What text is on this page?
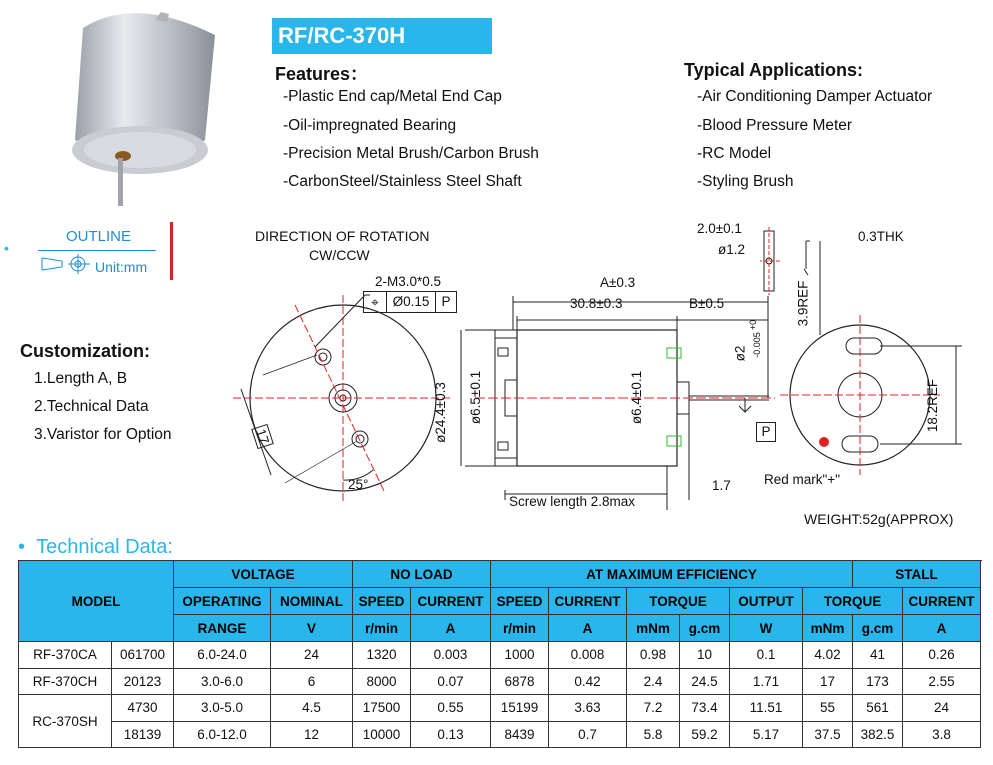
RF/RC-370H
Features：
-Plastic End cap/Metal End Cap
-Oil-impregnated Bearing
-Precision Metal Brush/Carbon Brush
-CarbonSteel/Stainless Steel Shaft
Typical Applications:
-Air Conditioning Damper Actuator
-Blood Pressure Meter
-RC Model
-Styling Brush
•
OUTLINE
Unit:mm
Customization:
1.Length A, B
2.Technical Data
3.Varistor for Option
DIRECTION OF ROTATION
CW/CCW
2-M3.0*0.5
⌖	Ø0.15 P
17
25°
A±0.3
30.8±0.3	B±0.5
ø24.4±0.3 ø6.5±0.1	ø6.4±0.1
ø2
+0
-0.005
P
Screw length 2.8max
1.7
2.0±0.1
ø1.2
0.3THK
3.9REF
18.2REF
Red mark"+"
WEIGHT:52g(APPROX)
• Technical Data:
MODEL		VOLTAGE		NO LOAD		AT MAXIMUM EFFICIENCY						STALL	
		OPERATING	NOMINAL	SPEED	CURRENT	SPEED	CURRENT	TORQUE		OUTPUT	TORQUE		CURRENT
		RANGE	V	r/min	A	r/min	A	mNm	g.cm	W	mNm	g.cm	A
RF-370CA	061700	6.0-24.0	24	1320	0.003	1000	0.008	0.98	10	0.1	4.02	41	0.26
RF-370CH	20123	3.0-6.0	6	8000	0.07	6878	0.42	2.4	24.5	1.71	17	173	2.55
RC-370SH	4730	3.0-5.0	4.5	17500	0.55	15199	3.63	7.2	73.4	11.51	55	561	24
	18139	6.0-12.0	12	10000	0.13	8439	0.7	5.8	59.2	5.17	37.5	382.5	3.8
